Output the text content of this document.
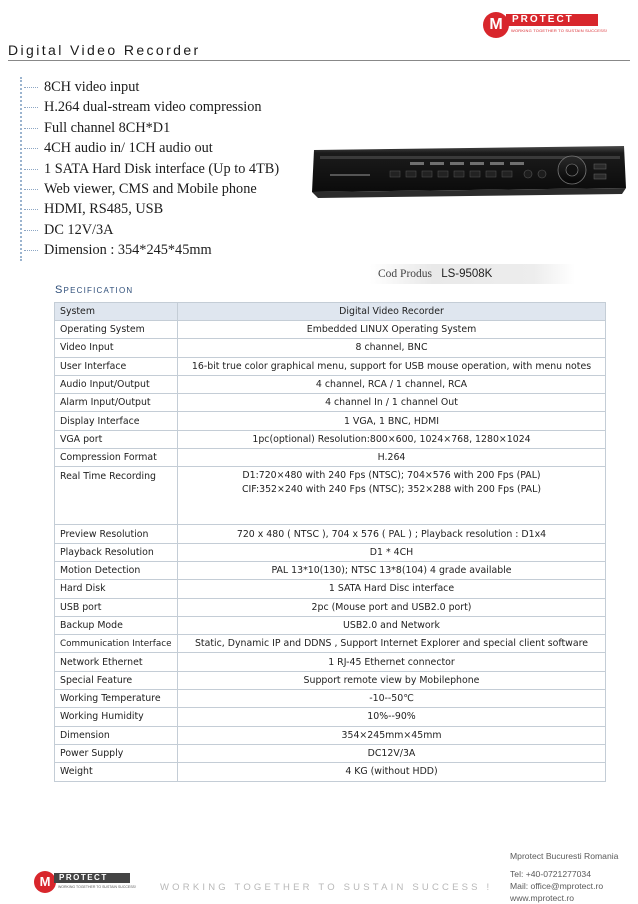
M PROTECT
WORKING TOGETHER TO SUSTAIN SUCCESS!
Digital Video Recorder
8CH video input
H.264 dual-stream video compression
Full channel 8CH*D1
4CH audio in/ 1CH audio out
1 SATA Hard Disk interface (Up to 4TB)
Web viewer, CMS and Mobile phone
HDMI, RS485, USB
DC 12V/3A
Dimension : 354*245*45mm
Cod Produs LS-9508K
Specification
System	Digital Video Recorder
Operating System	Embedded LINUX Operating System
Video Input	8 channel, BNC
User Interface	16-bit true color graphical menu, support for USB mouse operation, with menu notes
Audio Input/Output	4 channel, RCA / 1 channel, RCA
Alarm Input/Output	4 channel In / 1 channel Out
Display Interface	1 VGA, 1 BNC, HDMI
VGA port	1pc(optional) Resolution:800×600, 1024×768, 1280×1024
Compression Format	H.264
Real Time Recording	D1:720×480 with 240 Fps (NTSC); 704×576 with 200 Fps (PAL)
CIF:352×240 with 240 Fps (NTSC); 352×288 with 200 Fps (PAL)

Preview Resolution	720 x 480 ( NTSC ), 704 x 576 ( PAL ) ; Playback resolution : D1x4
Playback Resolution	D1 * 4CH
Motion Detection	PAL 13*10(130); NTSC 13*8(104) 4 grade available
Hard Disk	1 SATA Hard Disc interface
USB port	2pc (Mouse port and USB2.0 port)
Backup Mode	USB2.0 and Network
Communication Interface	Static, Dynamic IP and DDNS , Support Internet Explorer and special client software
Network Ethernet	1 RJ-45 Ethernet connector
Special Feature	Support remote view by Mobilephone
Working Temperature	-10--50℃
Working Humidity	10%--90%
Dimension	354×245mm×45mm
Power Supply	DC12V/3A
Weight	4 KG (without HDD)
Mprotect Bucuresti Romania
Tel: +40-0721277034
Mail: office@mprotect.ro
www.mprotect.ro
M	PROTECT
WORKING TOGETHER TO SUSTAIN SUCCESS!	WORKING TOGETHER TO SUSTAIN SUCCESS !
